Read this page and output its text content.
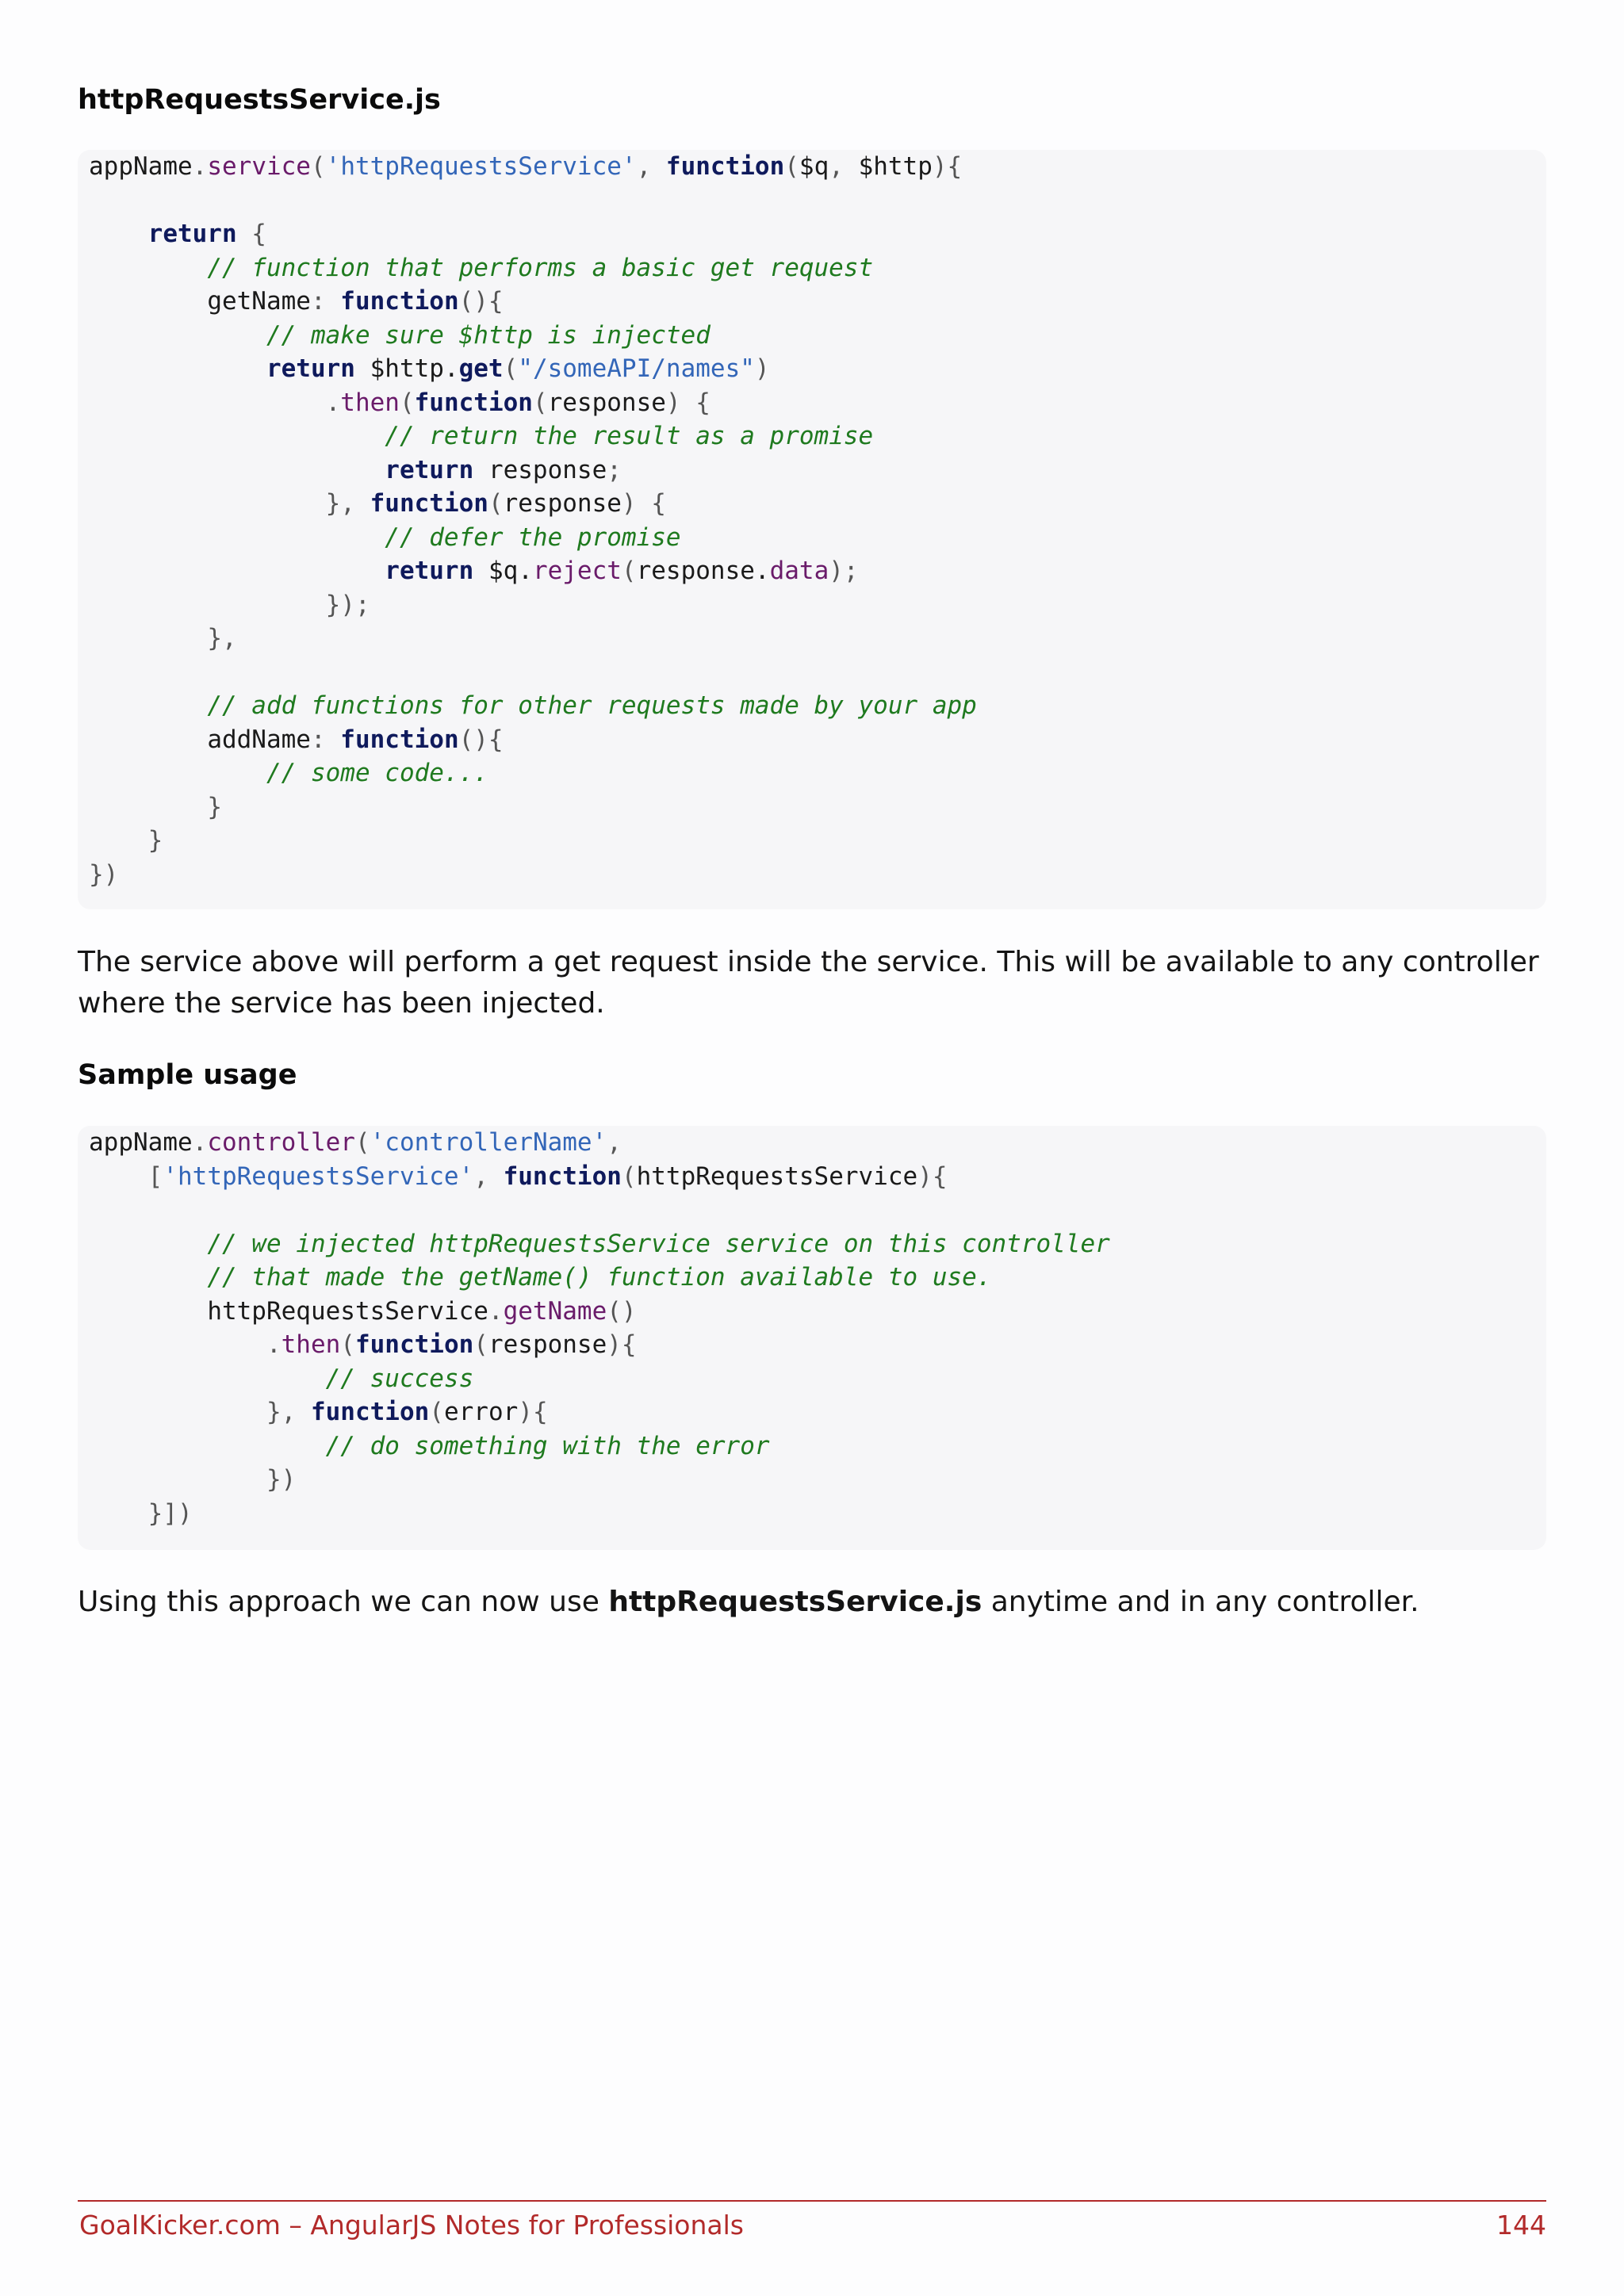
httpRequestsService.js
appName.service('httpRequestsService', function($q, $http){

return {
// function that performs a basic get request
getName: function(){
// make sure $http is injected
return $http.get("/someAPI/names")
.then(function(response) {
// return the result as a promise
return response;
}, function(response) {
// defer the promise
return $q.reject(response.data);
});
},

// add functions for other requests made by your app
addName: function(){
// some code...
}
}
})
The service above will perform a get request inside the service. This will be available to any controller where the service has been injected.
Sample usage
appName.controller('controllerName',
['httpRequestsService', function(httpRequestsService){

// we injected httpRequestsService service on this controller
// that made the getName() function available to use.
httpRequestsService.getName()
.then(function(response){
// success
}, function(error){
// do something with the error
})
}])
Using this approach we can now use httpRequestsService.js anytime and in any controller.
GoalKicker.com – AngularJS Notes for Professionals	144
